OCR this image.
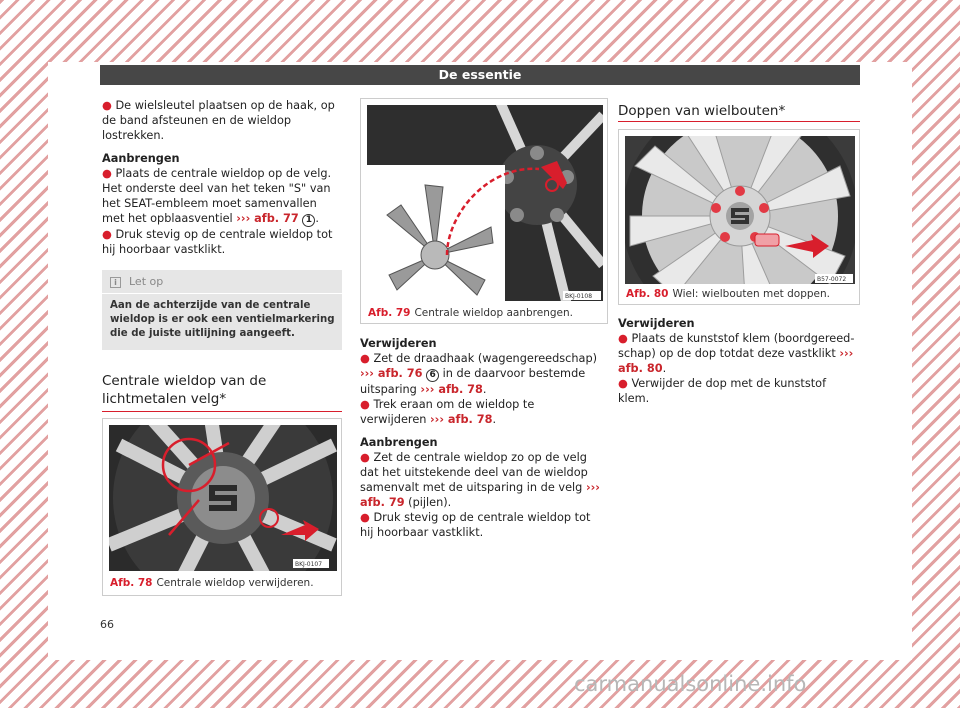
De essentie

● De wielsleutel plaatsen op de haak, op de band afsteunen en de wieldop lostrekken.

Aanbrengen

● Plaats de centrale wieldop op de velg. Het onderste deel van het teken "S" van het SEAT-embleem moet samenvallen met het opblaasventiel ››› afb. 77 1 .

● Druk stevig op de centrale wieldop tot hij hoorbaar vastklikt.

i Let op
Aan de achterzijde van de centrale wieldop is er ook een ventielmarkering die de juiste uitlijning aangeeft.
Centrale wieldop van de lichtmetalen velg*
BKJ-0107
Afb. 78 Centrale wieldop verwijderen.
BKJ-0108
Afb. 79 Centrale wieldop aanbrengen.

Verwijderen

● Zet de draadhaak (wagengereedschap) ››› afb. 76 6 in de daarvoor bestemde uitsparing ››› afb. 78.

● Trek eraan om de wieldop te verwijderen ››› afb. 78.

Aanbrengen

● Zet de centrale wieldop zo op de velg dat het uitstekende deel van de wieldop samenvalt met de uitsparing in de velg ››› afb. 79 (pijlen).

● Druk stevig op de centrale wieldop tot hij hoorbaar vastklikt.

Doppen van wielbouten*
B57-0072
Afb. 80 Wiel: wielbouten met doppen.

Verwijderen

● Plaats de kunststof klem (boordgereedschap) op de dop totdat deze vastklikt ››› afb. 80.

● Verwijder de dop met de kunststof klem.

66
carmanualsonline.info
